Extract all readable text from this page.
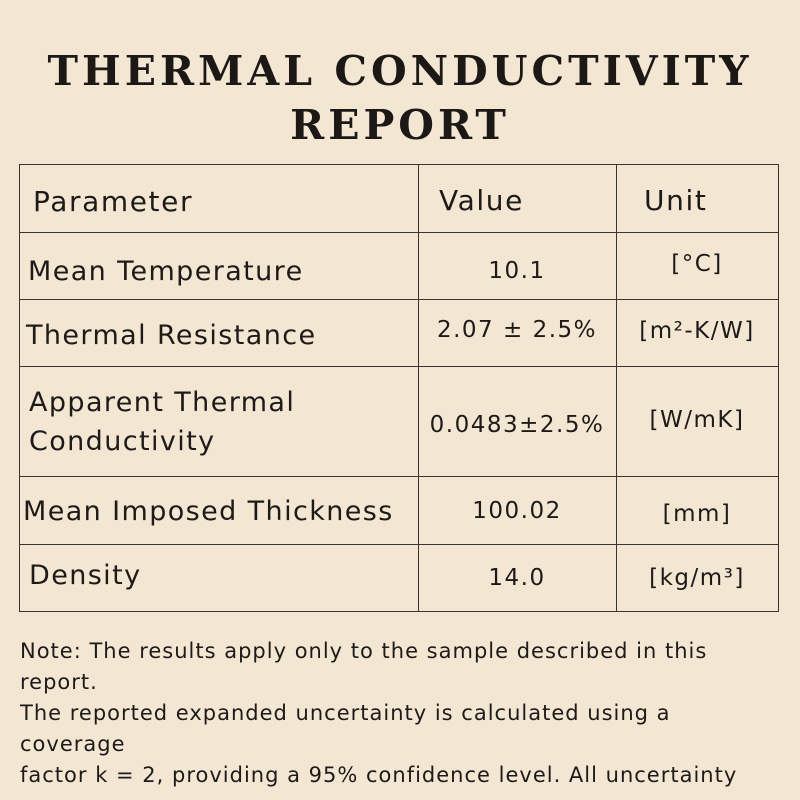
THERMAL CONDUCTIVITY
REPORT
Parameter	Value	Unit
Mean Temperature	10.1	[°C]
Thermal Resistance	2.07 ± 2.5%	[m²-K/W]
Apparent Thermal
Conductivity
0.0483±2.5%	[W/mK]
Mean Imposed Thickness	100.02	[mm]
Density	14.0	[kg/m³]

Note: The results apply only to the sample described in this

report.

The reported expanded uncertainty is calculated using a

coverage

factor k = 2, providing a 95% confidence level. All uncertainty
